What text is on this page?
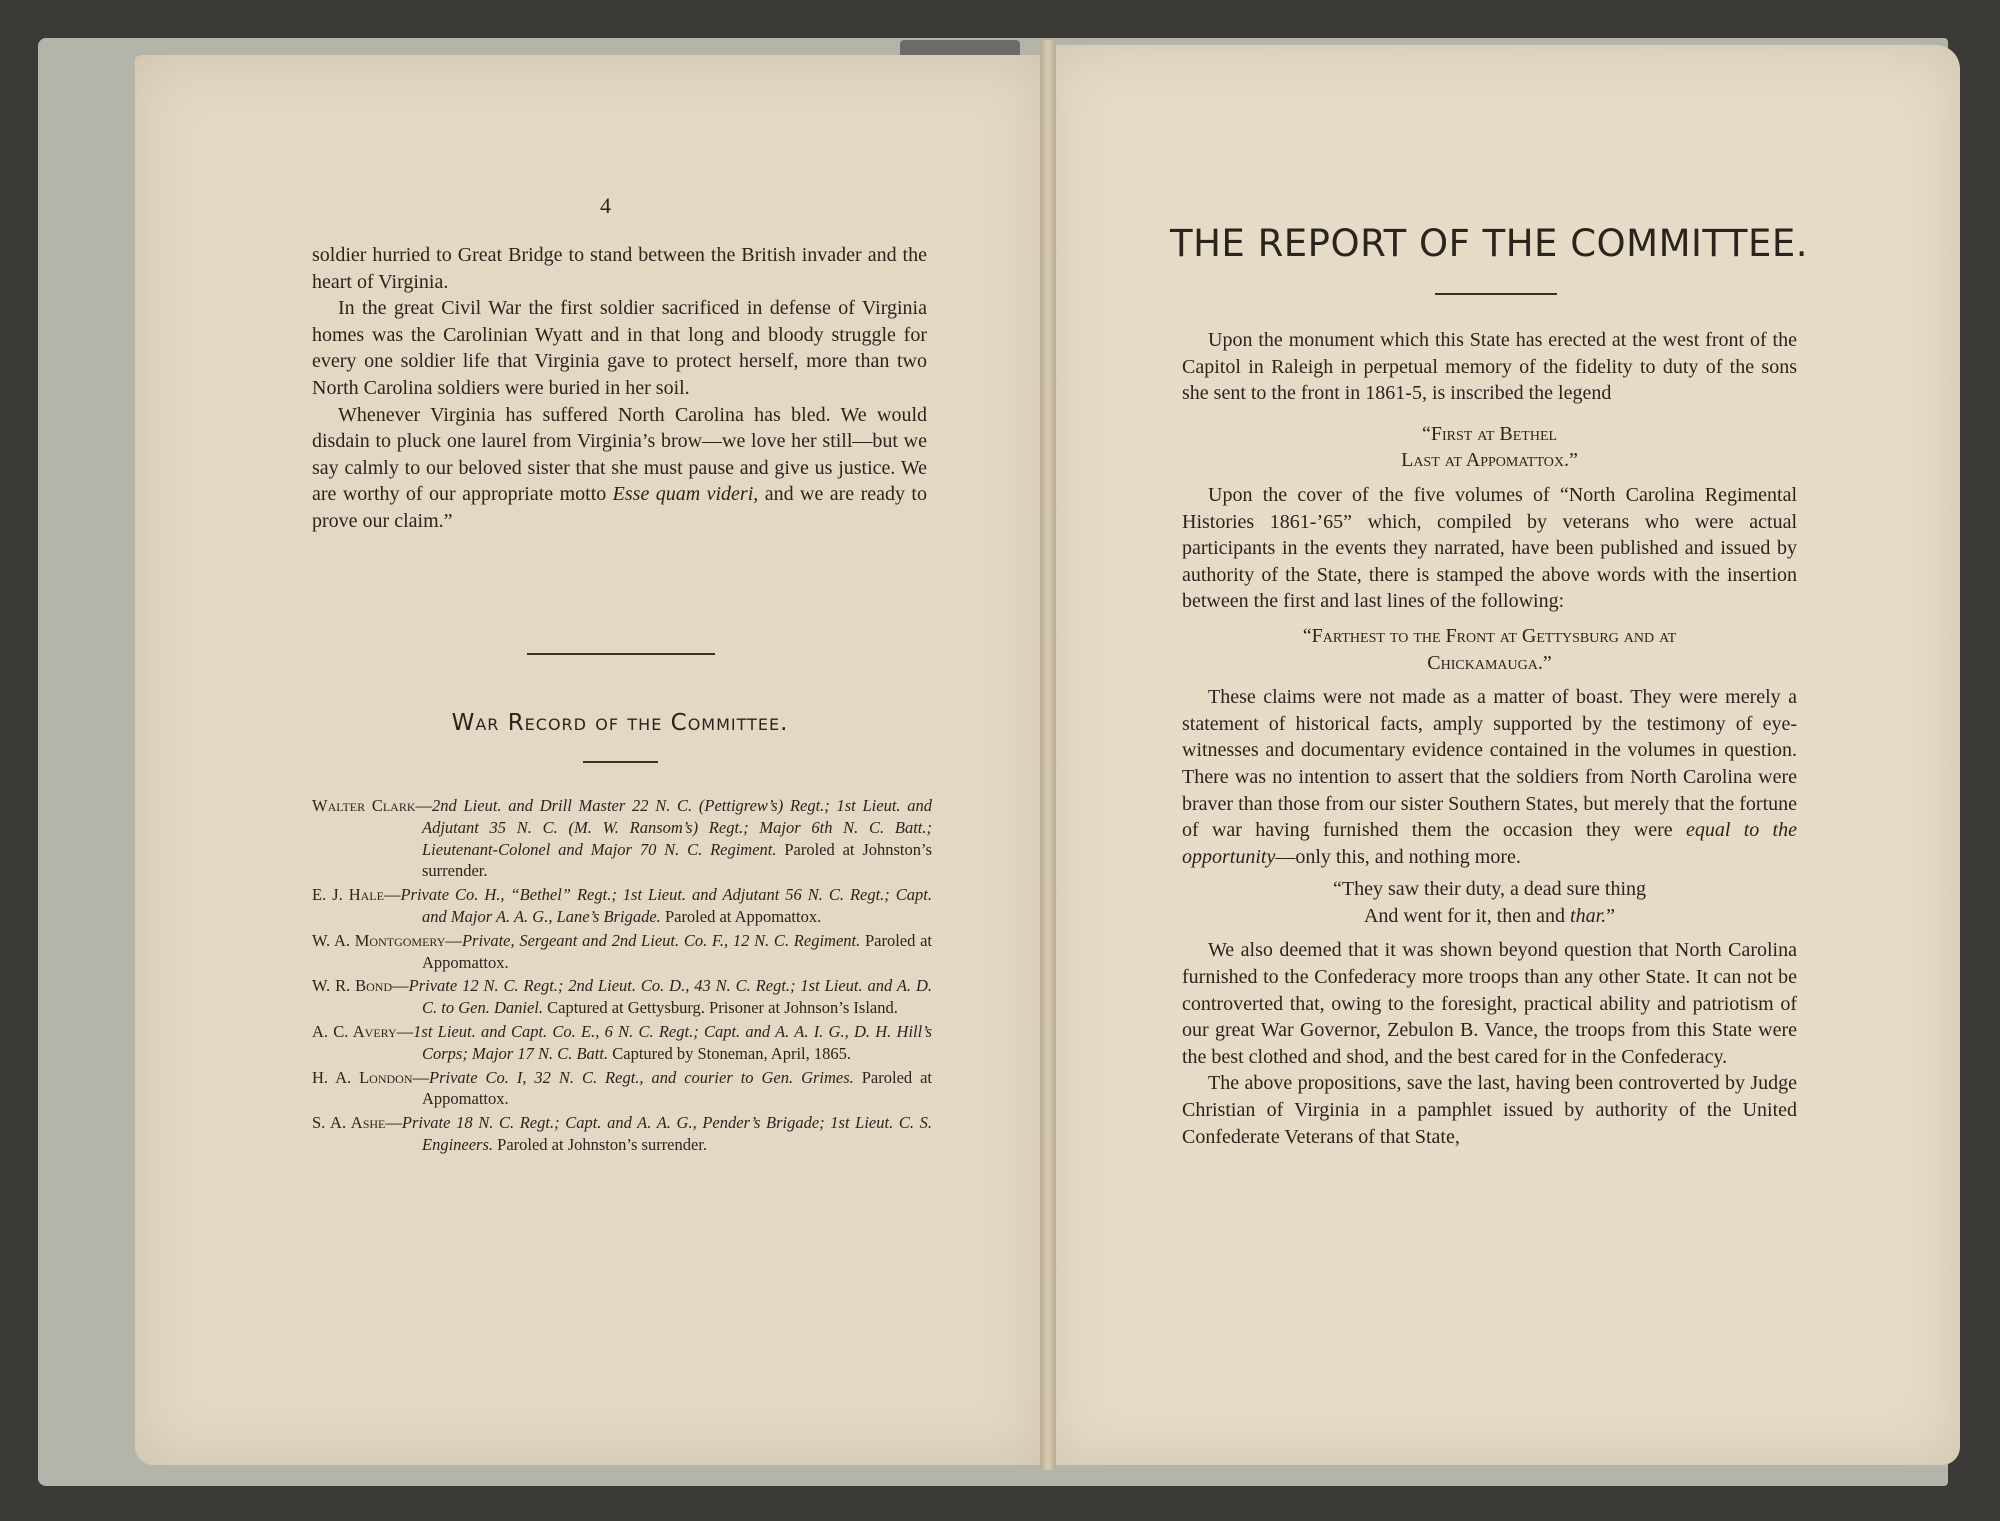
4

soldier hurried to Great Bridge to stand between the British invader and the heart of Virginia.

In the great Civil War the first soldier sacrificed in defense of Virginia homes was the Carolinian Wyatt and in that long and bloody struggle for every one soldier life that Virginia gave to protect herself, more than two North Carolina soldiers were buried in her soil.

Whenever Virginia has suffered North Carolina has bled. We would disdain to pluck one laurel from Virginia’s brow—we love her still—but we say calmly to our beloved sister that she must pause and give us justice. We are worthy of our appropriate motto Esse quam videri, and we are ready to prove our claim.”

War Record of the Committee.

Walter Clark—2nd Lieut. and Drill Master 22 N. C. (Pettigrew’s) Regt.; 1st Lieut. and Adjutant 35 N. C. (M. W. Ransom’s) Regt.; Major 6th N. C. Batt.; Lieutenant-Colonel and Major 70 N. C. Regiment. Paroled at Johnston’s surrender.

E. J. Hale—Private Co. H., “Bethel” Regt.; 1st Lieut. and Adjutant 56 N. C. Regt.; Capt. and Major A. A. G., Lane’s Brigade. Paroled at Appomattox.

W. A. Montgomery—Private, Sergeant and 2nd Lieut. Co. F., 12 N. C. Regiment. Paroled at Appomattox.

W. R. Bond—Private 12 N. C. Regt.; 2nd Lieut. Co. D., 43 N. C. Regt.; 1st Lieut. and A. D. C. to Gen. Daniel. Captured at Gettysburg. Prisoner at Johnson’s Island.

A. C. Avery—1st Lieut. and Capt. Co. E., 6 N. C. Regt.; Capt. and A. A. I. G., D. H. Hill’s Corps; Major 17 N. C. Batt. Captured by Stoneman, April, 1865.

H. A. London—Private Co. I, 32 N. C. Regt., and courier to Gen. Grimes. Paroled at Appomattox.

S. A. Ashe—Private 18 N. C. Regt.; Capt. and A. A. G., Pender’s Brigade; 1st Lieut. C. S. Engineers. Paroled at Johnston’s surrender.

THE REPORT OF THE COMMITTEE.

Upon the monument which this State has erected at the west front of the Capitol in Raleigh in perpetual memory of the fidelity to duty of the sons she sent to the front in 1861-5, is inscribed the legend

“First at Bethel

Last at Appomattox.”

Upon the cover of the five volumes of “North Carolina Regimental Histories 1861-’65” which, compiled by veterans who were actual participants in the events they narrated, have been published and issued by authority of the State, there is stamped the above words with the insertion between the first and last lines of the following:

“Farthest to the Front at Gettysburg and at

Chickamauga.”

These claims were not made as a matter of boast. They were merely a statement of historical facts, amply supported by the testimony of eye-witnesses and documentary evidence contained in the volumes in question. There was no intention to assert that the soldiers from North Carolina were braver than those from our sister Southern States, but merely that the fortune of war having furnished them the occasion they were equal to the opportunity—only this, and nothing more.

“They saw their duty, a dead sure thing
And went for it, then and thar.”

We also deemed that it was shown beyond question that North Carolina furnished to the Confederacy more troops than any other State. It can not be controverted that, owing to the foresight, practical ability and patriotism of our great War Governor, Zebulon B. Vance, the troops from this State were the best clothed and shod, and the best cared for in the Confederacy.

The above propositions, save the last, having been controverted by Judge Christian of Virginia in a pamphlet issued by authority of the United Confederate Veterans of that State,
